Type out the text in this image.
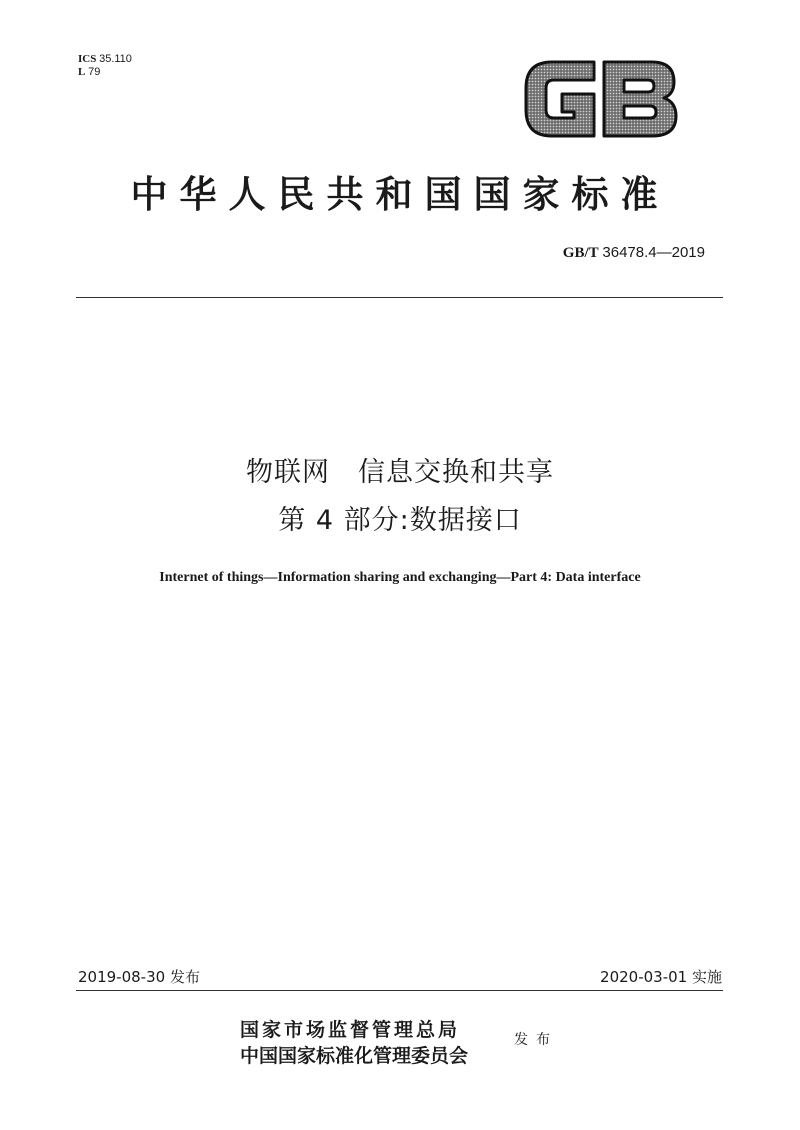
ICS 35.110
L 79
中华人民共和国国家标准
GB/T 36478.4—2019
物联网　信息交换和共享
第 4 部分:数据接口
Internet of things—Information sharing and exchanging—Part 4: Data interface
2019-08-30 发布	2020-03-01 实施
国家市场监督管理总局
中国国家标准化管理委员会
发布
